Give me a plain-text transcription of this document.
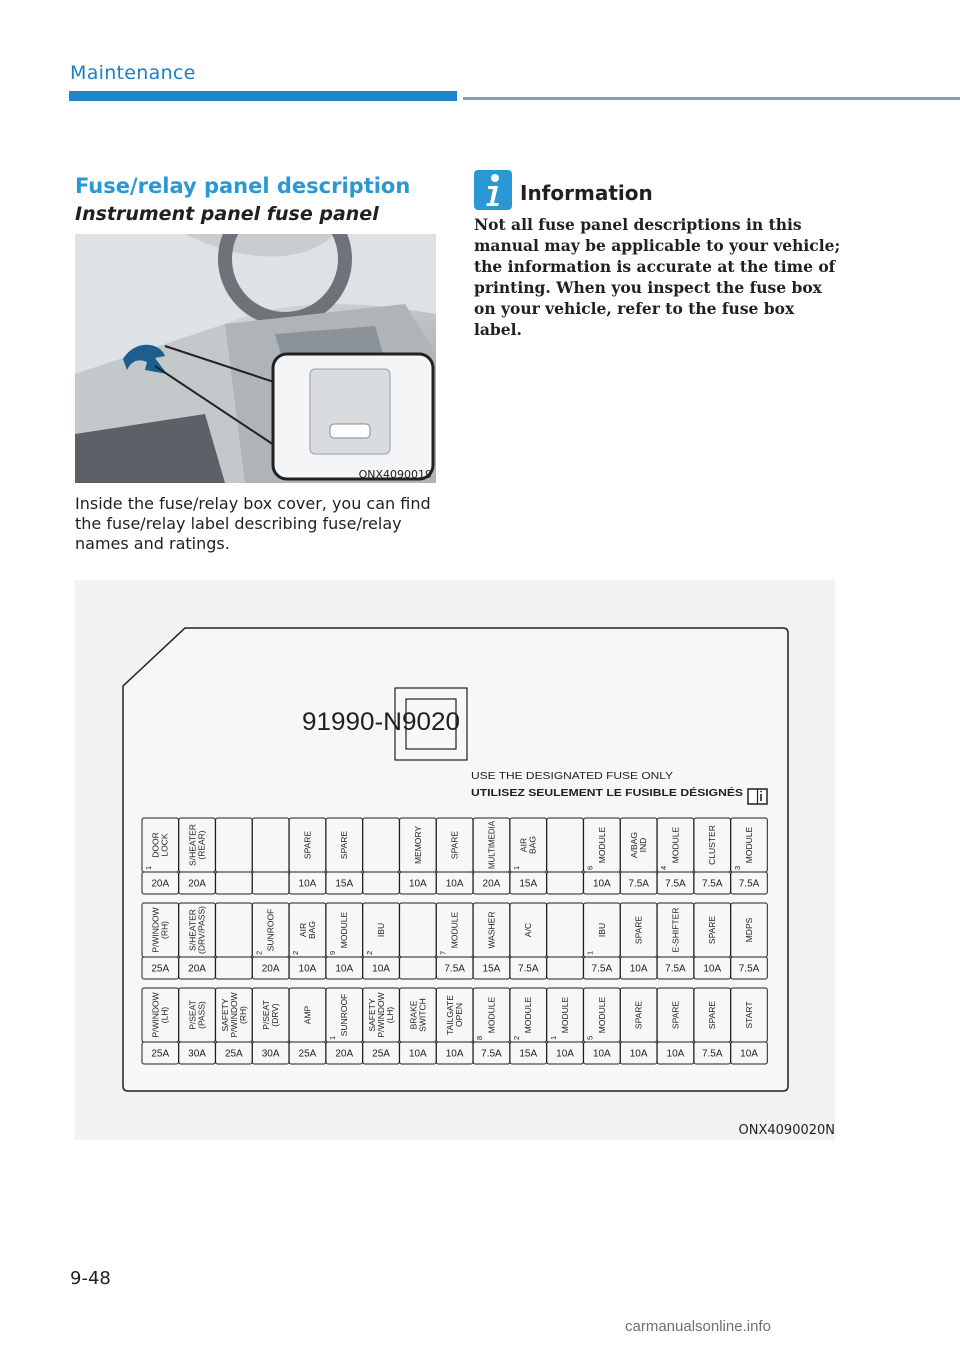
Maintenance
Fuse/relay panel description
Instrument panel fuse panel
ONX4090019
Inside the fuse/relay box cover, you can find the fuse/relay label describing fuse/relay names and ratings.
Information
Not all fuse panel descriptions in this manual may be applicable to your vehicle; the information is accurate at the time of printing. When you inspect the fuse box on your vehicle, refer to the fuse box label.
91990-N9020
USE THE DESIGNATED FUSE ONLY
UTILISEZ SEULEMENT LE FUSIBLE DÉSIGNÉS
DOOR LOCK
1
20A
S/HEATER (REAR)
20A
SPARE
10A
SPARE
15A
MEMORY
10A
SPARE
10A
MULTIMEDIA
20A
AIR BAG
1
15A
MODULE
6
10A
A/BAG IND
7.5A
MODULE
4
7.5A
CLUSTER
7.5A
MODULE
3
7.5A
P/WINDOW (RH)
25A
S/HEATER (DRV/PASS)
20A
SUNROOF
2
20A
AIR BAG
2
10A
MODULE
9
10A
IBU
2
10A
MODULE
7
7.5A
WASHER
15A
A/C
7.5A
IBU
1
7.5A
SPARE
10A
E-SHIFTER
7.5A
SPARE
10A
MDPS
7.5A
P/WINDOW (LH)
25A
P/SEAT (PASS)
30A
SAFETY P/WINDOW (RH)
25A
P/SEAT (DRV)
30A
AMP
25A
SUNROOF
1
20A
SAFETY P/WINDOW (LH)
25A
BRAKE SWITCH
10A
TAILGATE OPEN
10A
MODULE
8
7.5A
MODULE
2
15A
MODULE
1
10A
MODULE
5
10A
SPARE
10A
SPARE
10A
SPARE
7.5A
START
10A
ONX4090020N
9-48
carmanualsonline.info
